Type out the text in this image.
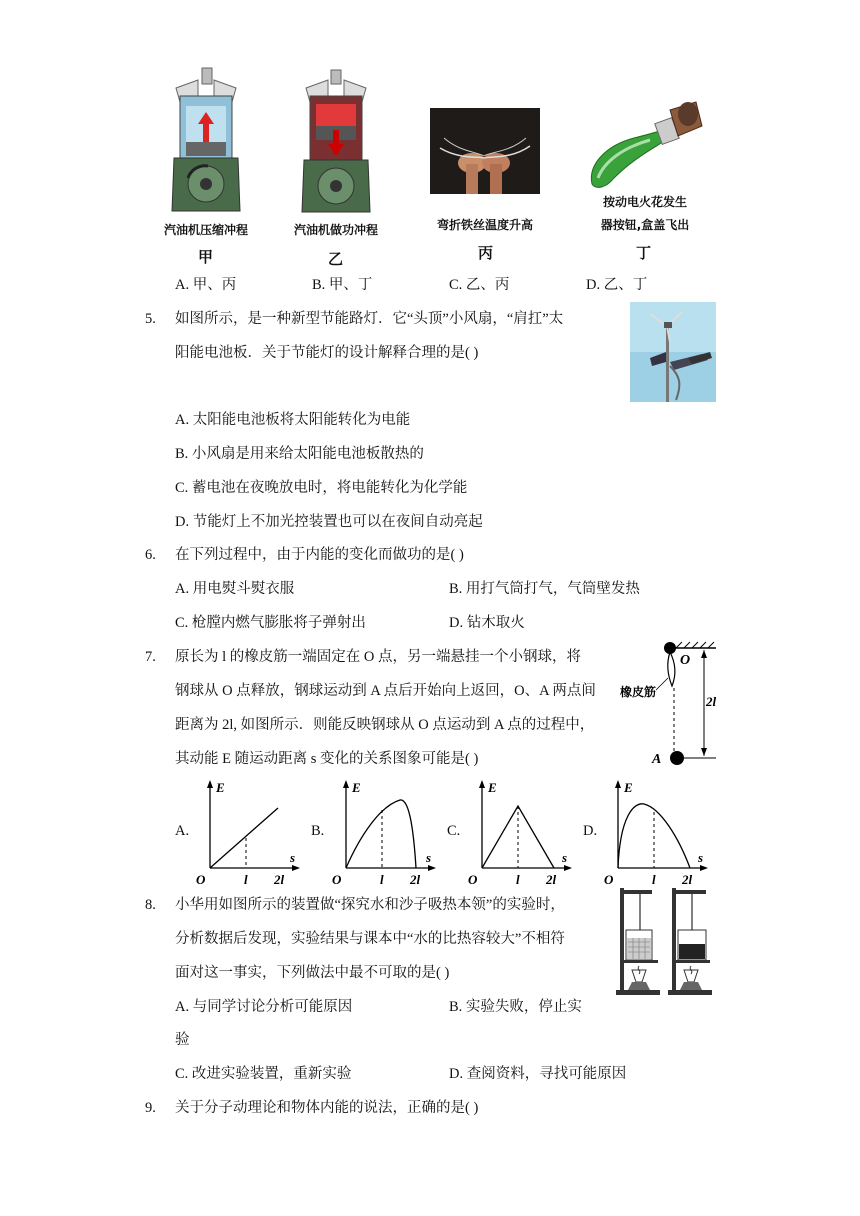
汽油机压缩冲程
甲
汽油机做功冲程
乙
弯折铁丝温度升高
丙
按动电火花发生
器按钮,盒盖飞出
丁
A. 甲、丙	B. 甲、丁	C. 乙、丙	D. 乙、丁
5. 如图所示，是一种新型节能路灯．它“头顶”小风扇，“肩扛”太
阳能电池板．关于节能灯的设计解释合理的是( )
A. 太阳能电池板将太阳能转化为电能
B. 小风扇是用来给太阳能电池板散热的
C. 蓄电池在夜晚放电时，将电能转化为化学能
D. 节能灯上不加光控装置也可以在夜间自动亮起
6. 在下列过程中，由于内能的变化而做功的是( )
A. 用电熨斗熨衣服	B. 用打气筒打气，气筒壁发热
C. 枪膛内燃气膨胀将子弹射出	D. 钻木取火
7. 原长为 l 的橡皮筋一端固定在 O 点，另一端悬挂一个小钢球，将
钢球从 O 点释放，钢球运动到 A 点后开始向上返回，O、A 两点间
距离为 2l, 如图所示．则能反映钢球从 O 点运动到 A 点的过程中，
其动能 E 随运动距离 s 变化的关系图象可能是( )
O
橡皮筋
2l
A
A.	B.	C.	D.
E
s
O	l 2l
E
s
O	l 2l
E
s
O	l 2l
E
s
O	l 2l
8. 小华用如图所示的装置做“探究水和沙子吸热本领”的实验时，
分析数据后发现，实验结果与课本中“水的比热容较大”不相符
面对这一事实，下列做法中最不可取的是( )
A. 与同学讨论分析可能原因	B. 实验失败，停止实
验
C. 改进实验装置，重新实验	D. 查阅资料，寻找可能原因
9. 关于分子动理论和物体内能的说法，正确的是( )
